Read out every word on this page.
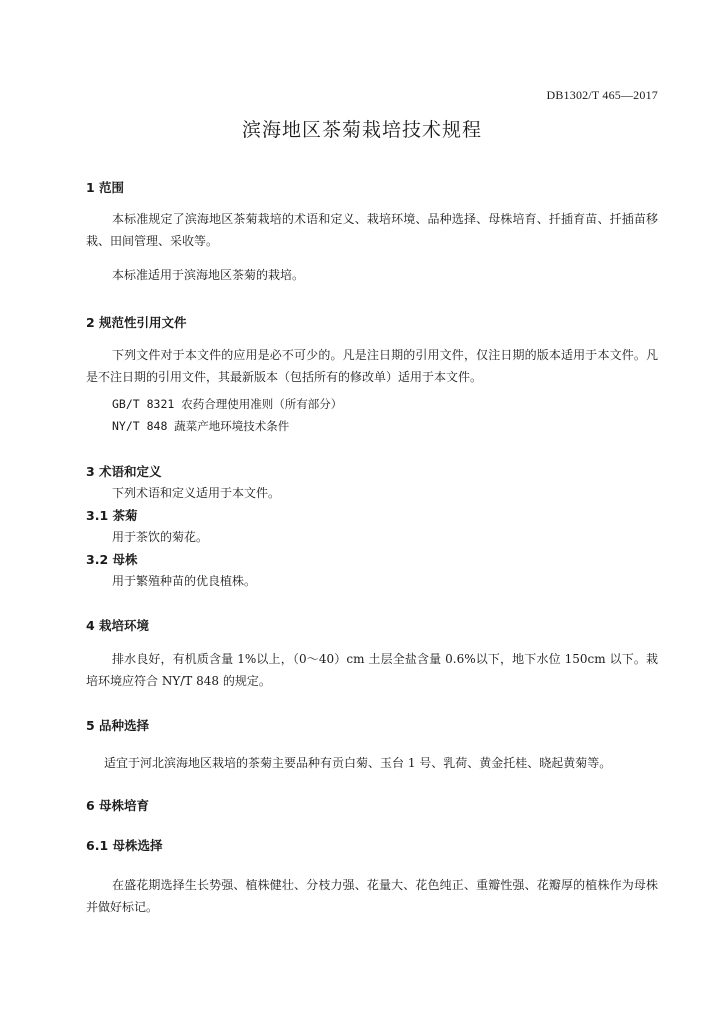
DB1302/T 465—2017
滨海地区茶菊栽培技术规程
1 范围
本标准规定了滨海地区茶菊栽培的术语和定义、栽培环境、品种选择、母株培育、扦插育苗、扦插苗移栽、田间管理、采收等。
本标准适用于滨海地区茶菊的栽培。
2 规范性引用文件
下列文件对于本文件的应用是必不可少的。凡是注日期的引用文件，仅注日期的版本适用于本文件。凡是不注日期的引用文件，其最新版本（包括所有的修改单）适用于本文件。
GB/T 8321 农药合理使用准则（所有部分）
NY/T 848 蔬菜产地环境技术条件
3 术语和定义
下列术语和定义适用于本文件。
3.1 茶菊
用于茶饮的菊花。
3.2 母株
用于繁殖种苗的优良植株。
4 栽培环境
排水良好，有机质含量 1%以上，（0～40）cm 土层全盐含量 0.6%以下，地下水位 150cm 以下。栽培环境应符合 NY/T 848 的规定。
5 品种选择
适宜于河北滨海地区栽培的茶菊主要品种有贡白菊、玉台 1 号、乳荷、黄金托桂、晓起黄菊等。
6 母株培育
6.1 母株选择
在盛花期选择生长势强、植株健壮、分枝力强、花量大、花色纯正、重瓣性强、花瓣厚的植株作为母株并做好标记。
